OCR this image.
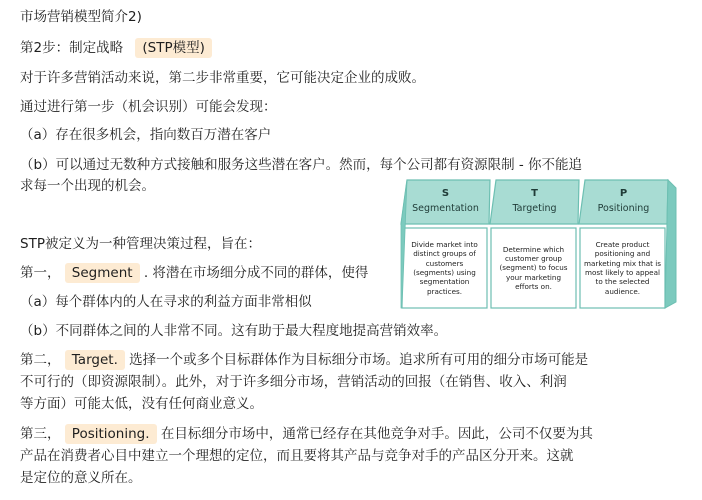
市场营销模型简介2)
第2步：制定战略 (STP模型)
对于许多营销活动来说，第二步非常重要，它可能决定企业的成败。
通过进行第一步（机会识别）可能会发现：
（a）存在很多机会，指向数百万潜在客户
（b）可以通过无数种方式接触和服务这些潜在客户。然而，每个公司都有资源限制 - 你不能追
求每一个出现的机会。
STP被定义为一种管理决策过程，旨在：
第一， Segment . 将潜在市场细分成不同的群体，使得
（a）每个群体内的人在寻求的利益方面非常相似
（b）不同群体之间的人非常不同。这有助于最大程度地提高营销效率。
第二， Target. 选择一个或多个目标群体作为目标细分市场。追求所有可用的细分市场可能是
不可行的（即资源限制）。此外，对于许多细分市场，营销活动的回报（在销售、收入、利润
等方面）可能太低，没有任何商业意义。
第三， Positioning. 在目标细分市场中，通常已经存在其他竞争对手。因此，公司不仅要为其
产品在消费者心目中建立一个理想的定位，而且要将其产品与竞争对手的产品区分开来。这就
是定位的意义所在。
S
Segmentation
Divide market into
distinct groups of
customers
(segments) using
segmentation
practices.
T
Targeting
Determine which
customer group
(segment) to focus
your marketing
efforts on.
P
Positioning
Create product
positioning and
marketing mix that is
most likely to appeal
to the selected
audience.
